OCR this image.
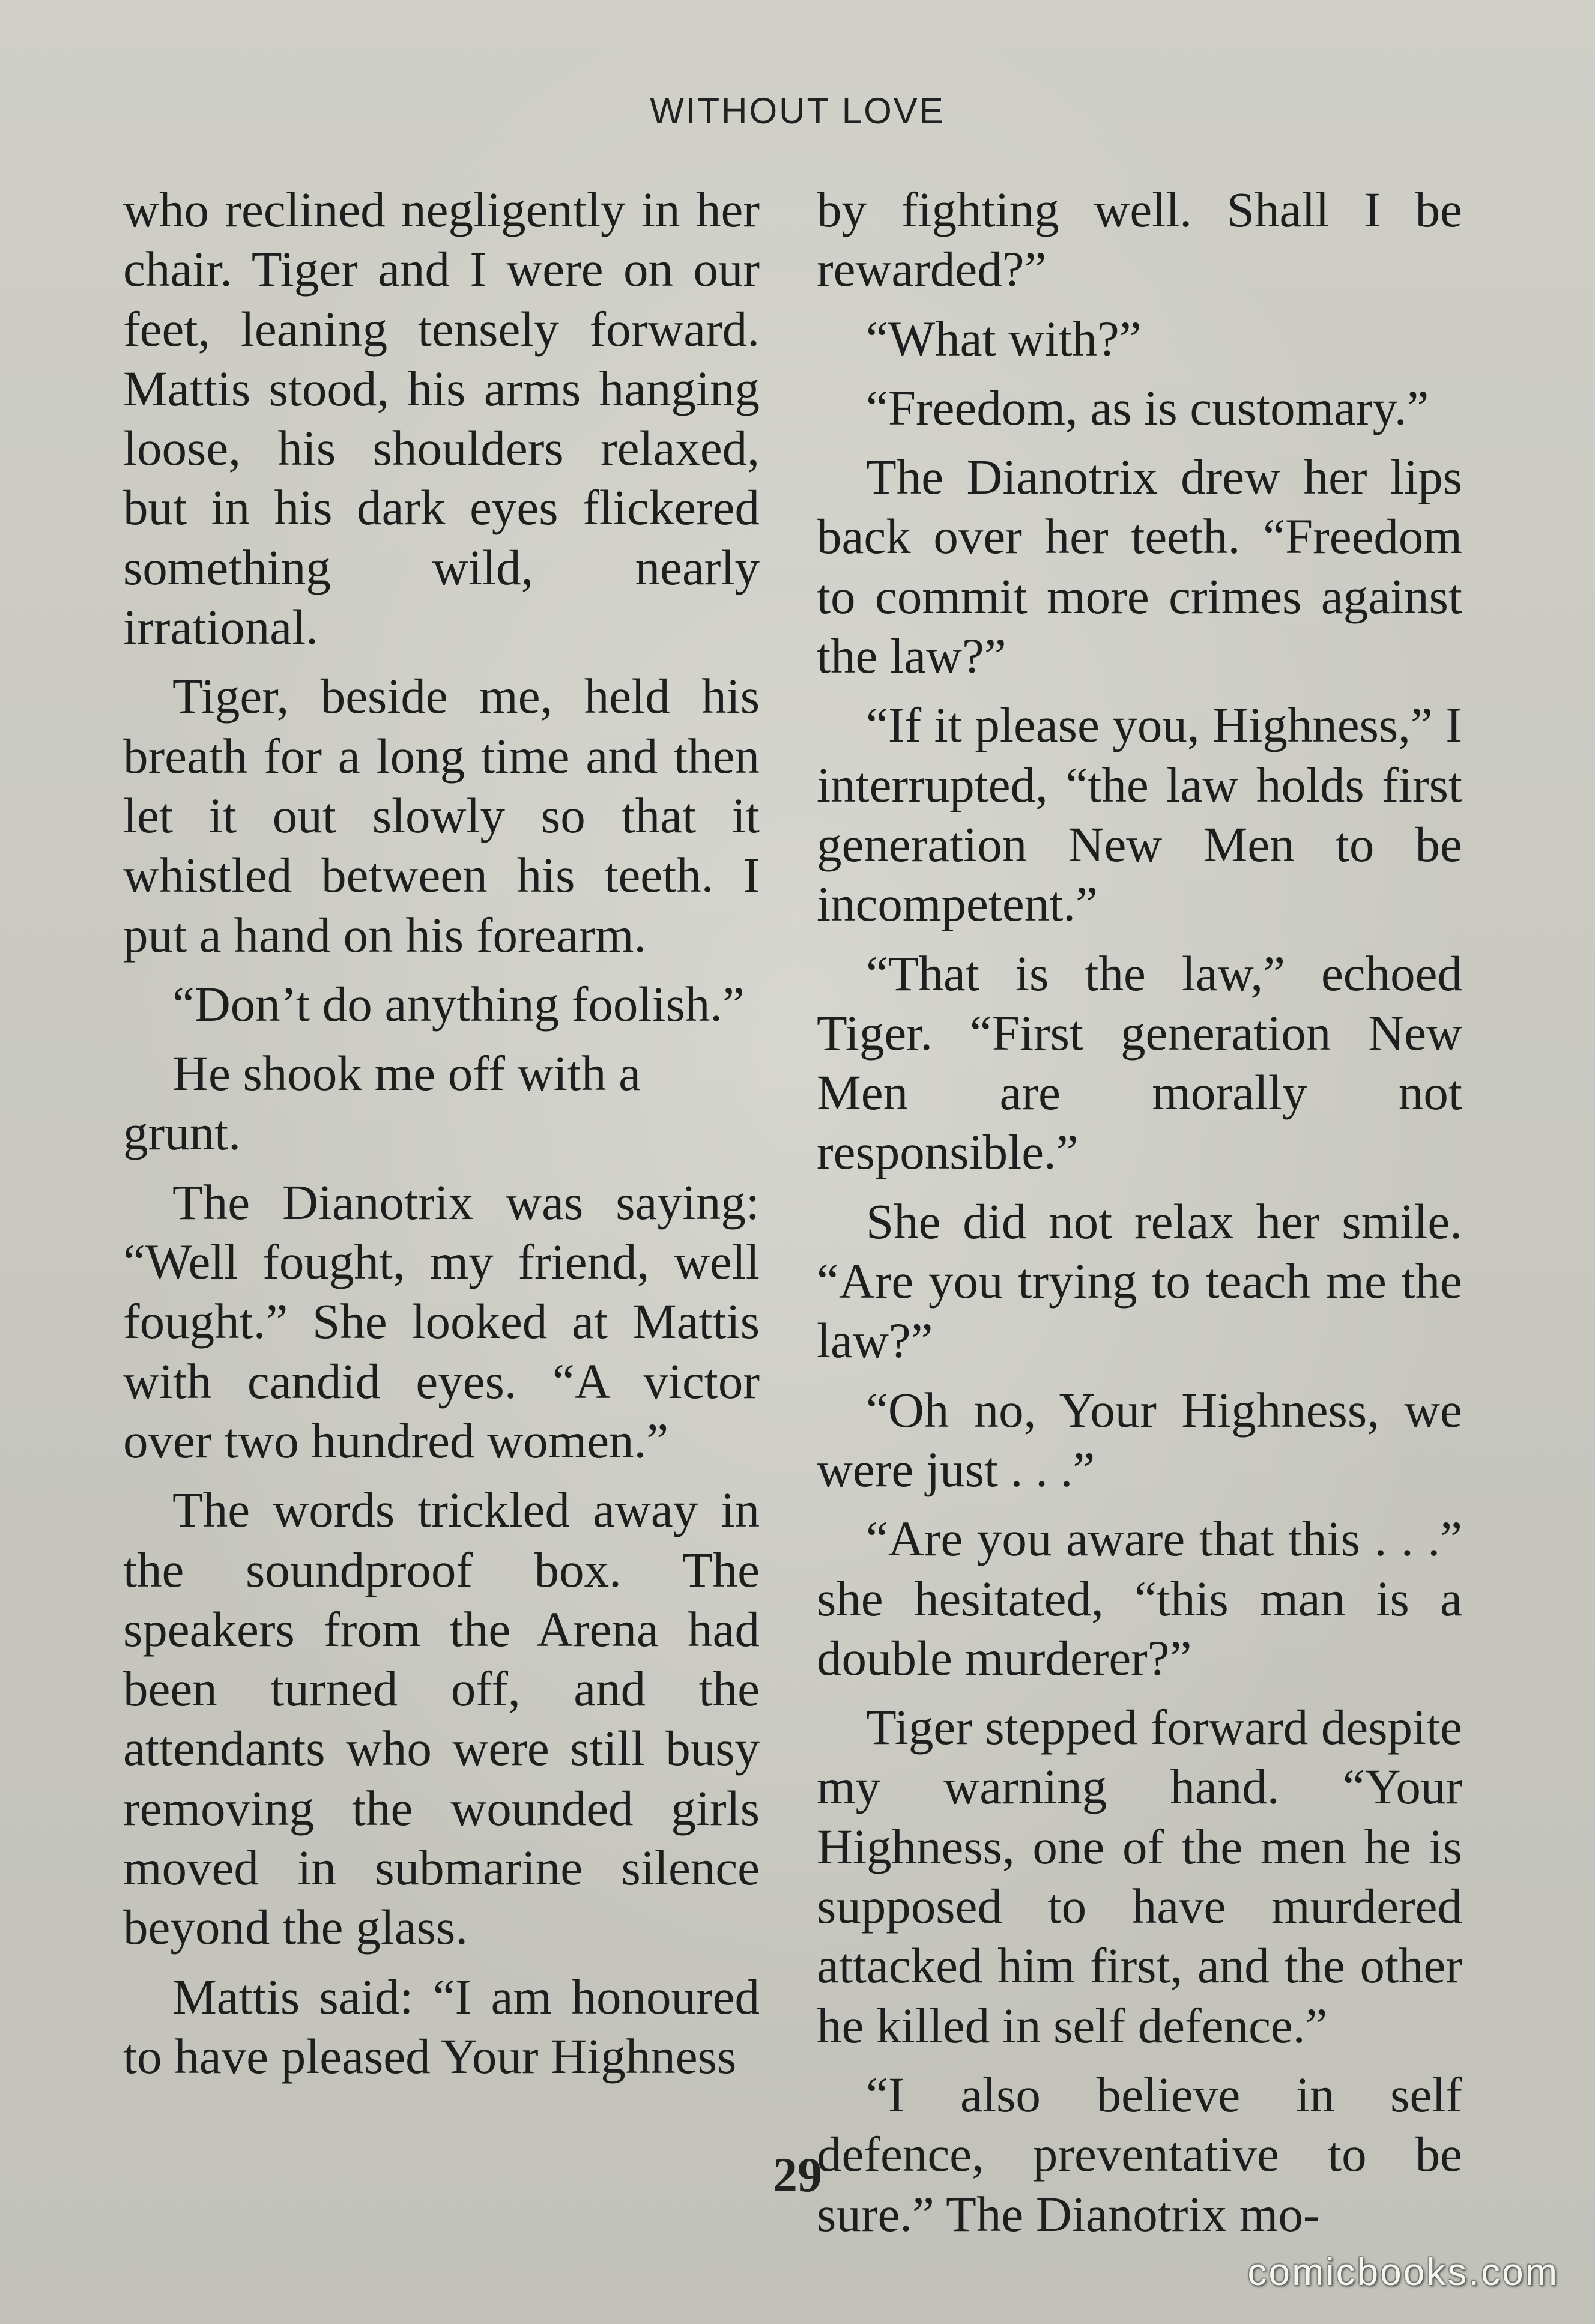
WITHOUT LOVE

who reclined negligently in her chair. Tiger and I were on our feet, leaning tensely forward. Mattis stood, his arms hanging loose, his shoulders relaxed, but in his dark eyes flickered something wild, nearly irrational.

Tiger, beside me, held his breath for a long time and then let it out slowly so that it whistled between his teeth. I put a hand on his forearm.

“Don’t do anything foolish.”

He shook me off with a grunt.

The Dianotrix was saying: “Well fought, my friend, well fought.” She looked at Mattis with candid eyes. “A victor over two hundred women.”

The words trickled away in the soundproof box. The speakers from the Arena had been turned off, and the attendants who were still busy removing the wounded girls moved in submarine silence beyond the glass.

Mattis said: “I am honoured to have pleased Your Highness

by fighting well. Shall I be rewarded?”

“What with?”

“Freedom, as is customary.”

The Dianotrix drew her lips back over her teeth. “Freedom to commit more crimes against the law?”

“If it please you, Highness,” I interrupted, “the law holds first generation New Men to be incompetent.”

“That is the law,” echoed Tiger. “First generation New Men are morally not responsible.”

She did not relax her smile. “Are you trying to teach me the law?”

“Oh no, Your Highness, we were just . . .”

“Are you aware that this . . .” she hesitated, “this man is a double murderer?”

Tiger stepped forward despite my warning hand. “Your Highness, one of the men he is supposed to have murdered attacked him first, and the other he killed in self defence.”

“I also believe in self defence, preventative to be sure.” The Dianotrix mo-

29
comicbooks.com
